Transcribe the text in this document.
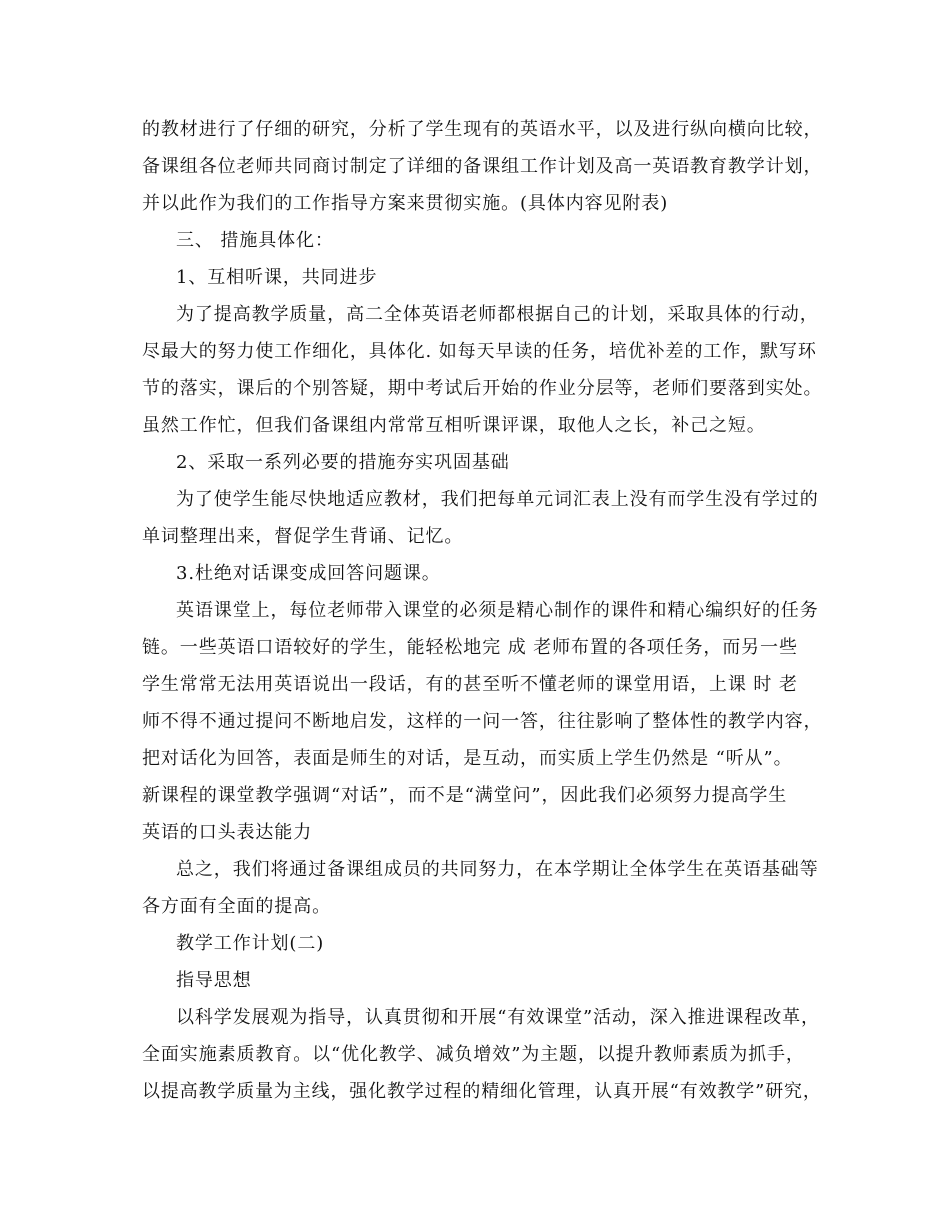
的教材进行了仔细的研究，分析了学生现有的英语水平，以及进行纵向横向比较，
备课组各位老师共同商讨制定了详细的备课组工作计划及高一英语教育教学计划，
并以此作为我们的工作指导方案来贯彻实施。(具体内容见附表)
三、 措施具体化：
1、互相听课，共同进步
为了提高教学质量，高二全体英语老师都根据自己的计划，采取具体的行动，
尽最大的努力使工作细化，具体化. 如每天早读的任务，培优补差的工作，默写环
节的落实，课后的个别答疑，期中考试后开始的作业分层等，老师们要落到实处。
虽然工作忙，但我们备课组内常常互相听课评课，取他人之长，补己之短。
2、采取一系列必要的措施夯实巩固基础
为了使学生能尽快地适应教材，我们把每单元词汇表上没有而学生没有学过的
单词整理出来，督促学生背诵、记忆。
3.杜绝对话课变成回答问题课。
英语课堂上，每位老师带入课堂的必须是精心制作的课件和精心编织好的任务
链。一些英语口语较好的学生，能轻松地完 成 老师布置的各项任务，而另一些
学生常常无法用英语说出一段话，有的甚至听不懂老师的课堂用语，上课 时 老
师不得不通过提问不断地启发，这样的一问一答，往往影响了整体性的教学内容，
把对话化为回答，表面是师生的对话，是互动，而实质上学生仍然是 “听从”。
新课程的课堂教学强调“对话”，而不是“满堂问”，因此我们必须努力提高学生
英语的口头表达能力
总之，我们将通过备课组成员的共同努力，在本学期让全体学生在英语基础等
各方面有全面的提高。
教学工作计划(二)
指导思想
以科学发展观为指导，认真贯彻和开展“有效课堂”活动，深入推进课程改革，
全面实施素质教育。以“优化教学、减负增效”为主题，以提升教师素质为抓手，
以提高教学质量为主线，强化教学过程的精细化管理，认真开展“有效教学”研究，
